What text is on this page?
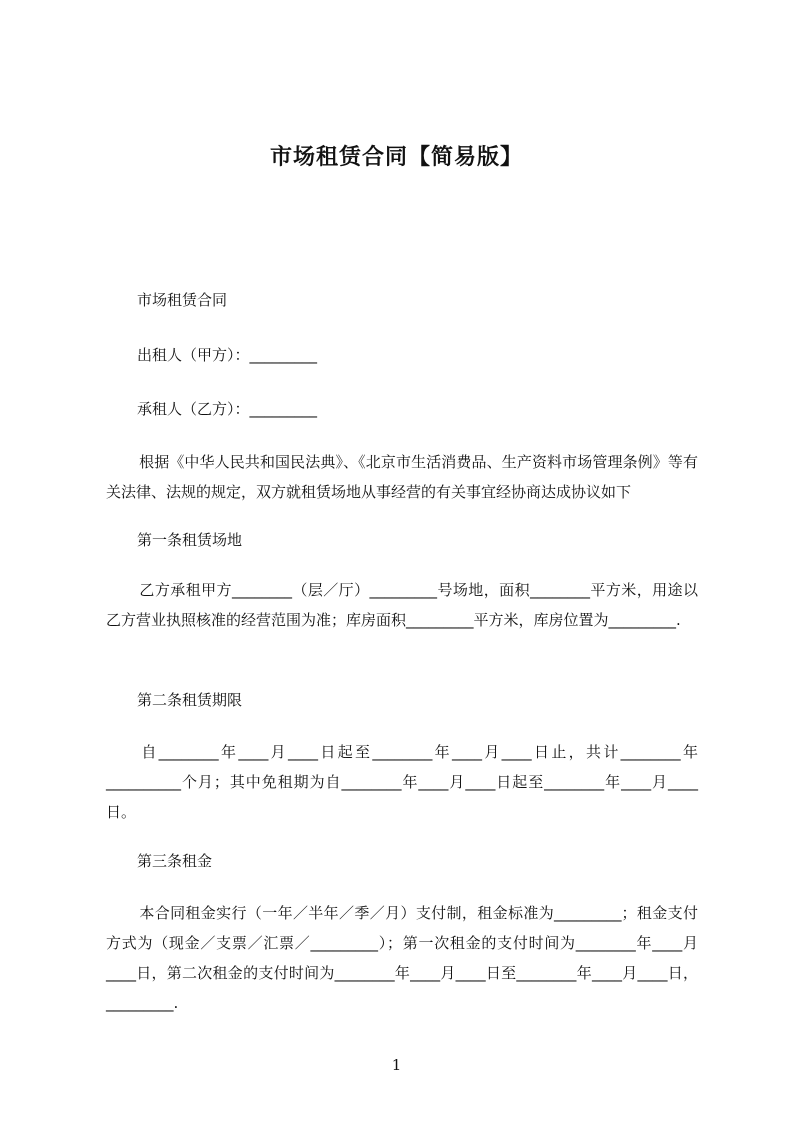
市场租赁合同【简易版】
市场租赁合同
出租人（甲方）：_________
承租人（乙方）：_________
根据《中华人民共和国民法典》、《北京市生活消费品、生产资料市场管理条例》等有关法律、法规的规定，双方就租赁场地从事经营的有关事宜经协商达成协议如下
第一条租赁场地
乙方承租甲方________（层／厅）_________号场地，面积________平方米，用途以乙方营业执照核准的经营范围为准；库房面积_________平方米，库房位置为_________.
第二条租赁期限
自________年____月____日起至________年____月____日止，共计________年__________个月；其中免租期为自________年____月____日起至________年____月____日。
第三条租金
本合同租金实行（一年／半年／季／月）支付制，租金标准为_________；租金支付方式为（现金／支票／汇票／_________）；第一次租金的支付时间为________年____月____日，第二次租金的支付时间为________年____月____日至________年____月____日，_________.
1
